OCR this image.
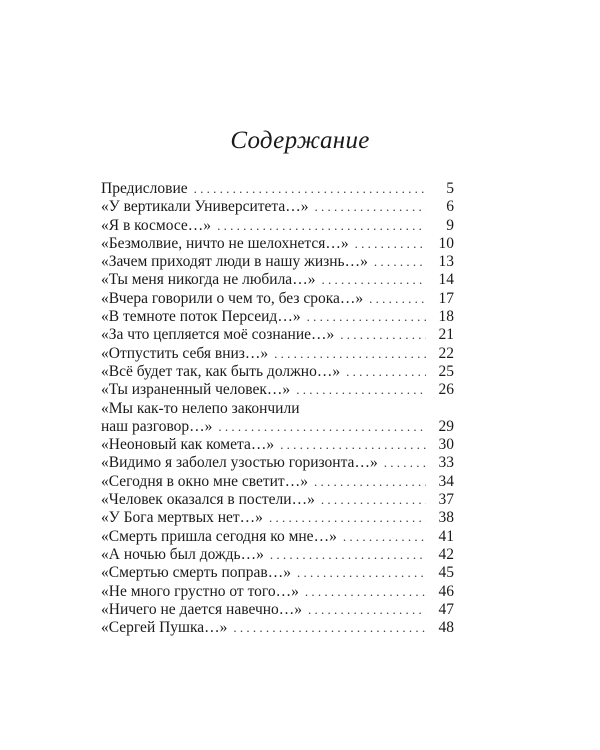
Содержание
Предисловие . . .	5
«У вертикали Университета…» . . .	6
«Я в космосе…» . . .	9
«Безмолвие, ничто не шелохнется…» . . .	10
«Зачем приходят люди в нашу жизнь…» . . .	13
«Ты меня никогда не любила…» . . .	14
«Вчера говорили о чем то, без срока…» . . .	17
«В темноте поток Персеид…» . . .	18
«За что цепляется моё сознание…» . . .	21
«Отпустить себя вниз…» . . .	22
«Всё будет так, как быть должно…» . . .	25
«Ты израненный человек…» . . .	26
«Мы как-то нелепо закончили
наш разговор…» . . .	29
«Неоновый как комета…» . . .	30
«Видимо я заболел узостью горизонта…» . . .	33
«Сегодня в окно мне светит…» . . .	34
«Человек оказался в постели…» . . .	37
«У Бога мертвых нет…» . . .	38
«Смерть пришла сегодня ко мне…» . . .	41
«А ночью был дождь…» . . .	42
«Смертью смерть поправ…» . . .	45
«Не много грустно от того…» . . .	46
«Ничего не дается навечно…» . . .	47
«Сергей Пушка…» . . .	48
